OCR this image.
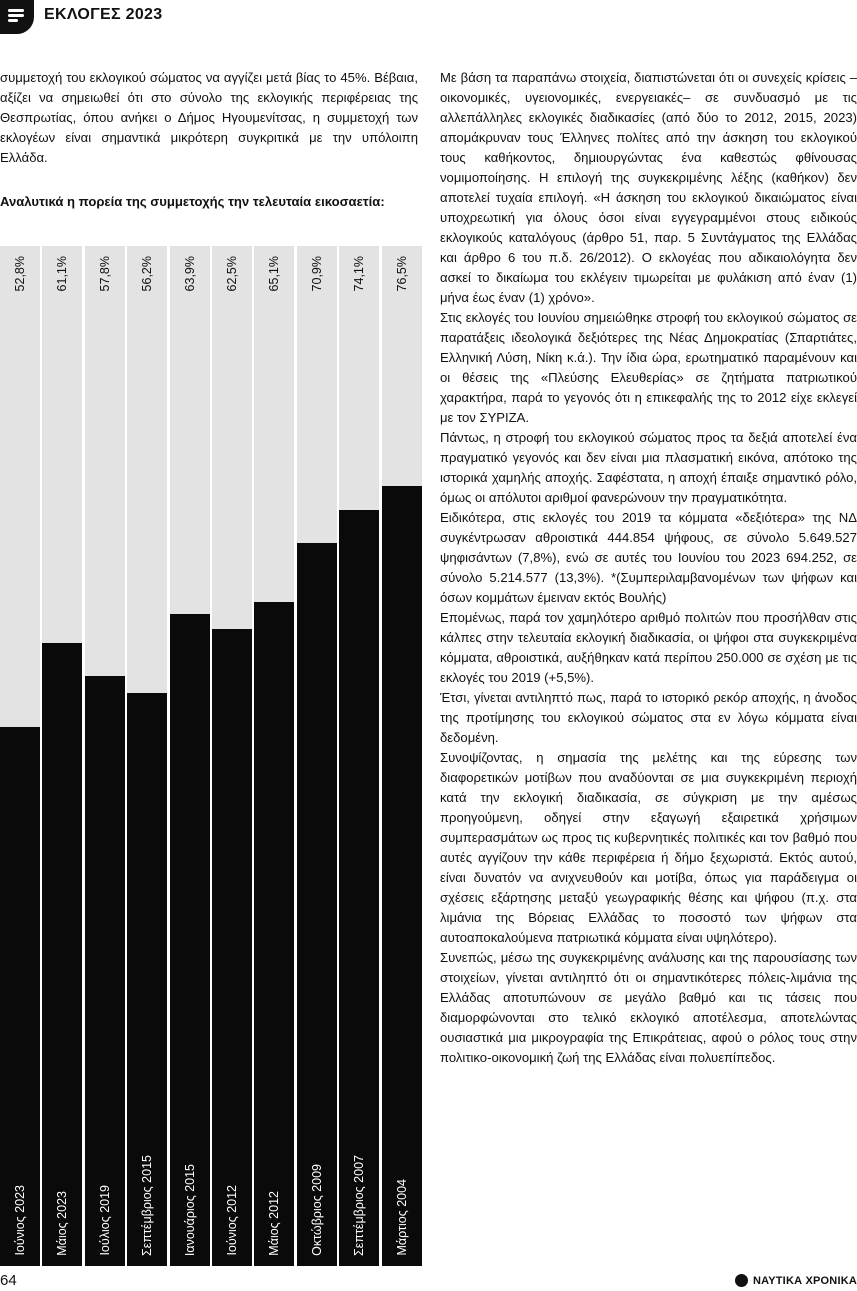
ΕΚΛΟΓΕΣ 2023

συμμετοχή του εκλογικού σώματος να αγγίζει μετά βίας το 45%. Βέβαια, αξίζει να σημειωθεί ότι στο σύνολο της εκλογικής περιφέρειας της Θεσπρωτίας, όπου ανήκει ο Δήμος Ηγουμενίτσας, η συμμετοχή των εκλογέων είναι σημαντικά μικρότερη συγκριτικά με την υπόλοιπη Ελλάδα.

Αναλυτικά η πορεία της συμμετοχής την τελευταία εικοσαετία:

52,8%
Ιούνιος 2023
61,1%
Μάιος 2023
57,8%
Ιούλιος 2019
56,2%
Σεπτέμβριος 2015
63,9%
Ιανουάριος 2015
62,5%
Ιούνιος 2012
65,1%
Μάιος 2012
70,9%
Οκτώβριος 2009
74,1%
Σεπτέμβριος 2007
76,5%
Μάρτιος 2004

Με βάση τα παραπάνω στοιχεία, διαπιστώνεται ότι οι συνεχείς κρίσεις –οικονομικές, υγειονομικές, ενεργειακές– σε συνδυασμό με τις αλλεπάλληλες εκλογικές διαδικασίες (από δύο το 2012, 2015, 2023) απομάκρυναν τους Έλληνες πολίτες από την άσκηση του εκλογικού τους καθήκοντος, δημιουργώντας ένα καθεστώς φθίνουσας νομιμοποίησης. Η επιλογή της συγκεκριμένης λέξης (καθήκον) δεν αποτελεί τυχαία επιλογή. «Η άσκηση του εκλογικού δικαιώματος είναι υποχρεωτική για όλους όσοι είναι εγγεγραμμένοι στους ειδικούς εκλογικούς καταλόγους (άρθρο 51, παρ. 5 Συντάγματος της Ελλάδας και άρθρο 6 του π.δ. 26/2012). Ο εκλογέας που αδικαιολόγητα δεν ασκεί το δικαίωμα του εκλέγειν τιμωρείται με φυλάκιση από έναν (1) μήνα έως έναν (1) χρόνο».

Στις εκλογές του Ιουνίου σημειώθηκε στροφή του εκλογικού σώματος σε παρατάξεις ιδεολογικά δεξιότερες της Νέας Δημοκρατίας (Σπαρτιάτες, Ελληνική Λύση, Νίκη κ.ά.). Την ίδια ώρα, ερωτηματικό παραμένουν και οι θέσεις της «Πλεύσης Ελευθερίας» σε ζητήματα πατριωτικού χαρακτήρα, παρά το γεγονός ότι η επικεφαλής της το 2012 είχε εκλεγεί με τον ΣΥΡΙΖΑ.

Πάντως, η στροφή του εκλογικού σώματος προς τα δεξιά αποτελεί ένα πραγματικό γεγονός και δεν είναι μια πλασματική εικόνα, απότοκο της ιστορικά χαμηλής αποχής. Σαφέστατα, η αποχή έπαιξε σημαντικό ρόλο, όμως οι απόλυτοι αριθμοί φανερώνουν την πραγματικότητα.

Ειδικότερα, στις εκλογές του 2019 τα κόμματα «δεξιότερα» της ΝΔ συγκέντρωσαν αθροιστικά 444.854 ψήφους, σε σύνολο 5.649.527 ψηφισάντων (7,8%), ενώ σε αυτές του Ιουνίου του 2023 694.252, σε σύνολο 5.214.577 (13,3%). *(Συμπεριλαμβανομένων των ψήφων και όσων κομμάτων έμειναν εκτός Βουλής)

Επομένως, παρά τον χαμηλότερο αριθμό πολιτών που προσήλθαν στις κάλπες στην τελευταία εκλογική διαδικασία, οι ψήφοι στα συγκεκριμένα κόμματα, αθροιστικά, αυξήθηκαν κατά περίπου 250.000 σε σχέση με τις εκλογές του 2019 (+5,5%).

Έτσι, γίνεται αντιληπτό πως, παρά το ιστορικό ρεκόρ αποχής, η άνοδος της προτίμησης του εκλογικού σώματος στα εν λόγω κόμματα είναι δεδομένη.

Συνοψίζοντας, η σημασία της μελέτης και της εύρεσης των διαφορετικών μοτίβων που αναδύονται σε μια συγκεκριμένη περιοχή κατά την εκλογική διαδικασία, σε σύγκριση με την αμέσως προηγούμενη, οδηγεί στην εξαγωγή εξαιρετικά χρήσιμων συμπερασμάτων ως προς τις κυβερνητικές πολιτικές και τον βαθμό που αυτές αγγίζουν την κάθε περιφέρεια ή δήμο ξεχωριστά. Εκτός αυτού, είναι δυνατόν να ανιχνευθούν και μοτίβα, όπως για παράδειγμα οι σχέσεις εξάρτησης μεταξύ γεωγραφικής θέσης και ψήφου (π.χ. στα λιμάνια της Βόρειας Ελλάδας το ποσοστό των ψήφων στα αυτοαποκαλούμενα πατριωτικά κόμματα είναι υψηλότερο).

Συνεπώς, μέσω της συγκεκριμένης ανάλυσης και της παρουσίασης των στοιχείων, γίνεται αντιληπτό ότι οι σημαντικότερες πόλεις-λιμάνια της Ελλάδας αποτυπώνουν σε μεγάλο βαθμό και τις τάσεις που διαμορφώνονται στο τελικό εκλογικό αποτέλεσμα, αποτελώντας ουσιαστικά μια μικρογραφία της Επικράτειας, αφού ο ρόλος τους στην πολιτικο-οικονομική ζωή της Ελλάδας είναι πολυεπίπεδος.

64	ΝΑΥΤΙΚΑ ΧΡΟΝΙΚΑ
